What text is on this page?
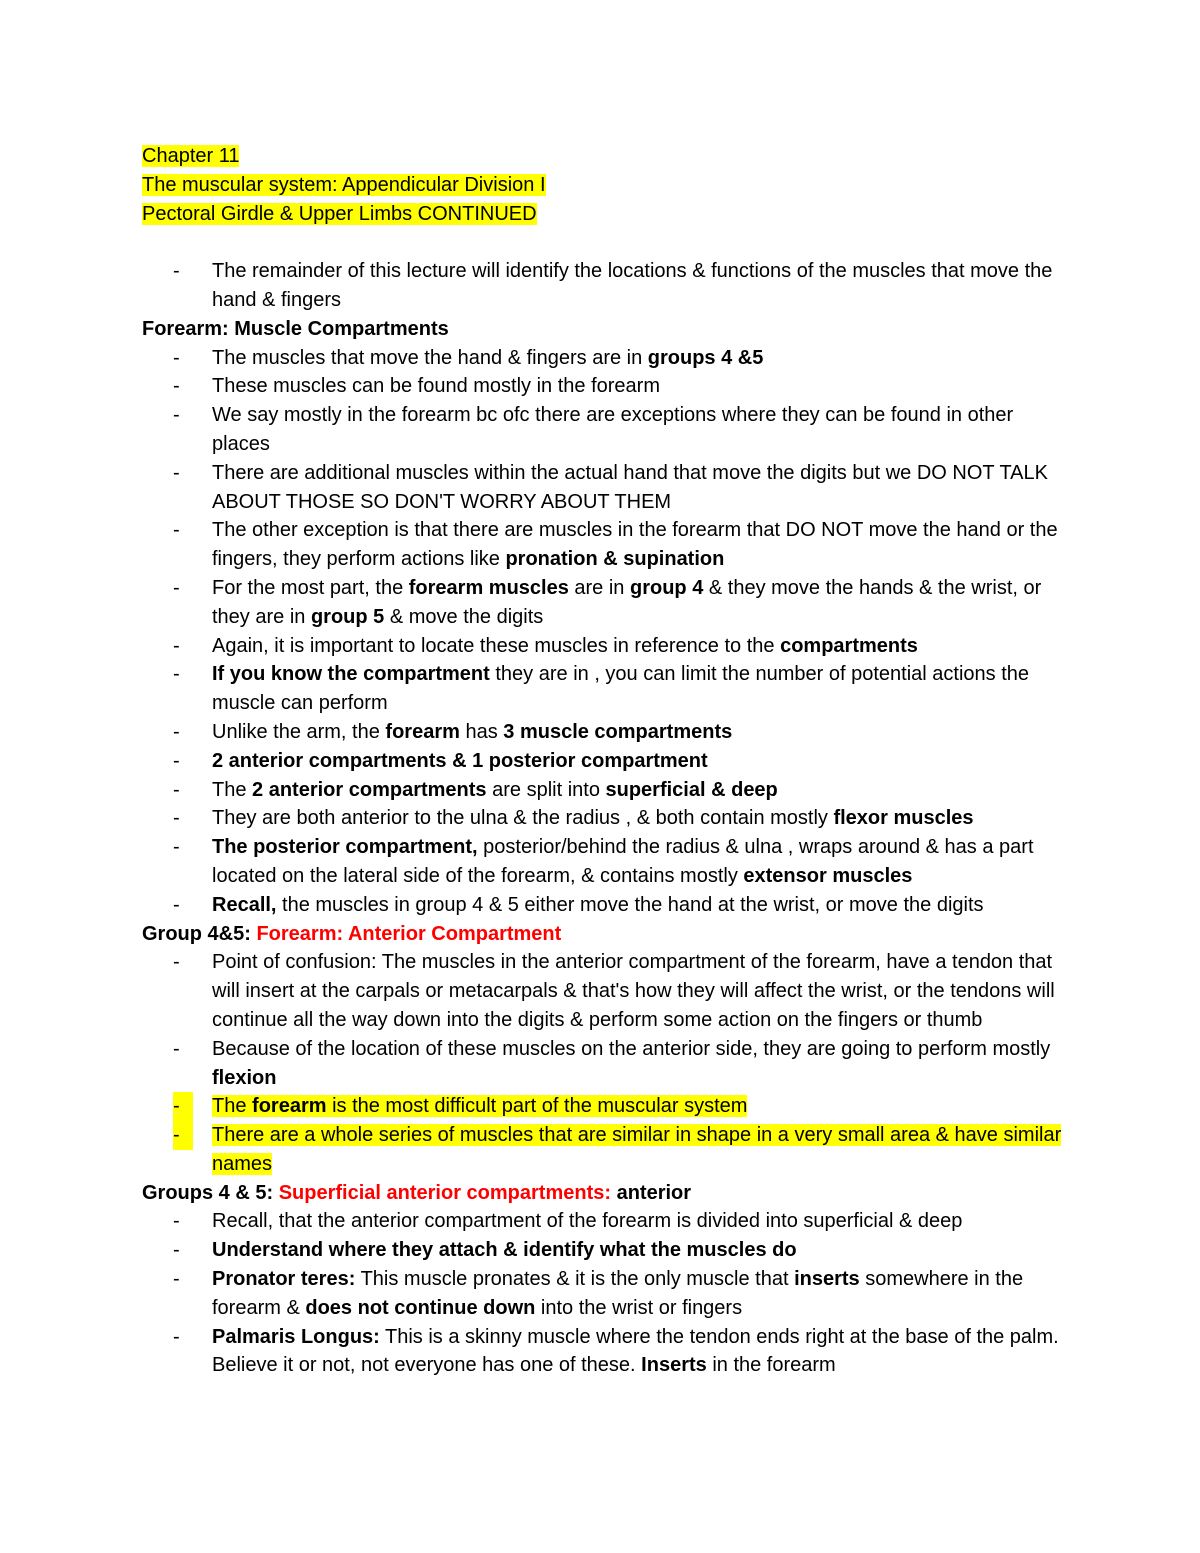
Chapter 11
The muscular system: Appendicular Division I
Pectoral Girdle & Upper Limbs CONTINUED
-	The remainder of this lecture will identify the locations & functions of the muscles that move the hand & fingers
Forearm: Muscle Compartments
-	The muscles that move the hand & fingers are in groups 4 &5
-	These muscles can be found mostly in the forearm
-	We say mostly in the forearm bc ofc there are exceptions where they can be found in other places
-	There are additional muscles within the actual hand that move the digits but we DO NOT TALK ABOUT THOSE SO DON'T WORRY ABOUT THEM
-	The other exception is that there are muscles in the forearm that DO NOT move the hand or the fingers, they perform actions like pronation & supination
-	For the most part, the forearm muscles are in group 4 & they move the hands & the wrist, or they are in group 5 & move the digits
-	Again, it is important to locate these muscles in reference to the compartments
-	If you know the compartment they are in , you can limit the number of potential actions the muscle can perform
-	Unlike the arm, the forearm has 3 muscle compartments
-	2 anterior compartments & 1 posterior compartment
-	The 2 anterior compartments are split into superficial & deep
-	They are both anterior to the ulna & the radius , & both contain mostly flexor muscles
-	The posterior compartment, posterior/behind the radius & ulna , wraps around & has a part located on the lateral side of the forearm, & contains mostly extensor muscles
-	Recall, the muscles in group 4 & 5 either move the hand at the wrist, or move the digits
Group 4&5: Forearm: Anterior Compartment
-	Point of confusion: The muscles in the anterior compartment of the forearm, have a tendon that will insert at the carpals or metacarpals & that's how they will affect the wrist, or the tendons will continue all the way down into the digits & perform some action on the fingers or thumb
-	Because of the location of these muscles on the anterior side, they are going to perform mostly flexion
-	The forearm is the most difficult part of the muscular system
-	There are a whole series of muscles that are similar in shape in a very small area & have similar names
Groups 4 & 5: Superficial anterior compartments: anterior
-	Recall, that the anterior compartment of the forearm is divided into superficial & deep
-	Understand where they attach & identify what the muscles do
-	Pronator teres: This muscle pronates & it is the only muscle that inserts somewhere in the forearm & does not continue down into the wrist or fingers
-	Palmaris Longus: This is a skinny muscle where the tendon ends right at the base of the palm. Believe it or not, not everyone has one of these. Inserts in the forearm
